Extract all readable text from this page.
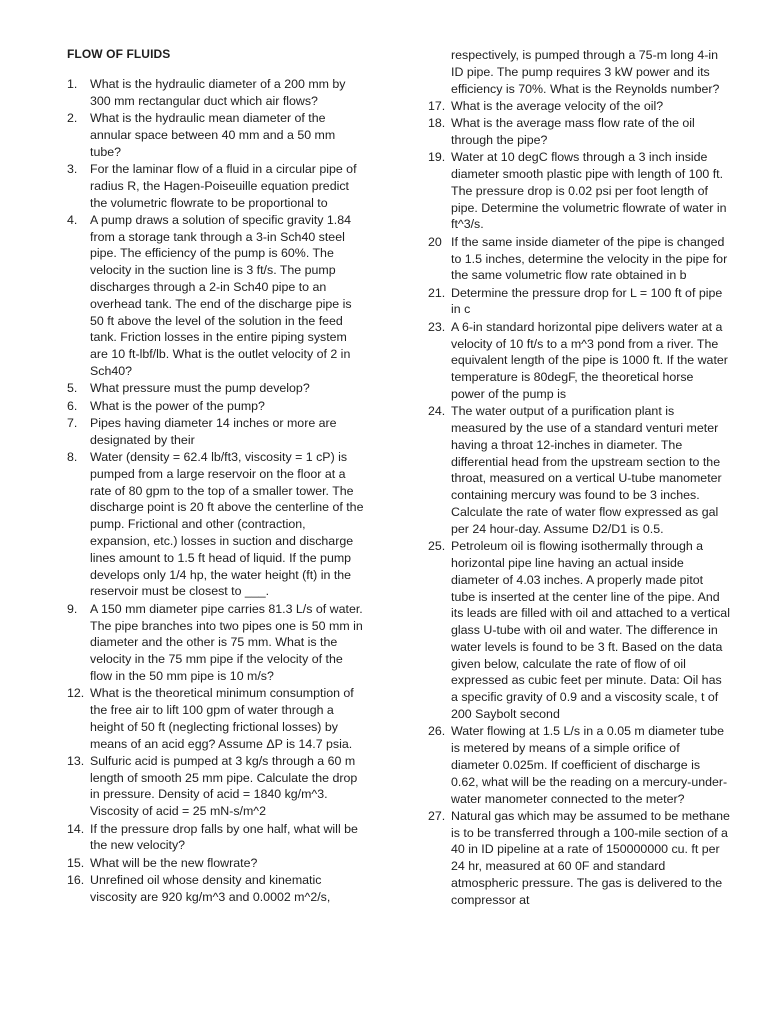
FLOW OF FLUIDS
1.	What is the hydraulic diameter of a 200 mm by 300 mm rectangular duct which air flows?
2.	What is the hydraulic mean diameter of the annular space between 40 mm and a 50 mm tube?
3.	For the laminar flow of a fluid in a circular pipe of radius R, the Hagen-Poiseuille equation predict the volumetric flowrate to be proportional to
4.	A pump draws a solution of specific gravity 1.84 from a storage tank through a 3-in Sch40 steel pipe. The efficiency of the pump is 60%. The velocity in the suction line is 3 ft/s. The pump discharges through a 2-in Sch40 pipe to an overhead tank. The end of the discharge pipe is 50 ft above the level of the solution in the feed tank. Friction losses in the entire piping system are 10 ft-lbf/lb. What is the outlet velocity of 2 in Sch40?
5.	What pressure must the pump develop?
6.	What is the power of the pump?
7.	Pipes having diameter 14 inches or more are designated by their
8.	Water (density = 62.4 lb/ft3, viscosity = 1 cP) is pumped from a large reservoir on the floor at a rate of 80 gpm to the top of a smaller tower. The discharge point is 20 ft above the centerline of the pump. Frictional and other (contraction, expansion, etc.) losses in suction and discharge lines amount to 1.5 ft head of liquid. If the pump develops only 1/4 hp, the water height (ft) in the reservoir must be closest to ___.
9.	A 150 mm diameter pipe carries 81.3 L/s of water. The pipe branches into two pipes one is 50 mm in diameter and the other is 75 mm. What is the velocity in the 75 mm pipe if the velocity of the flow in the 50 mm pipe is 10 m/s?
12. What is the theoretical minimum consumption of the free air to lift 100 gpm of water through a height of 50 ft (neglecting frictional losses) by means of an acid egg? Assume ΔP is 14.7 psia.
13. Sulfuric acid is pumped at 3 kg/s through a 60 m length of smooth 25 mm pipe. Calculate the drop in pressure. Density of acid = 1840 kg/m^3. Viscosity of acid = 25 mN-s/m^2
14. If the pressure drop falls by one half, what will be the new velocity?
15. What will be the new flowrate?
16. Unrefined oil whose density and kinematic viscosity are 920 kg/m^3 and 0.0002 m^2/s,
respectively, is pumped through a 75-m long 4-in ID pipe. The pump requires 3 kW power and its efficiency is 70%. What is the Reynolds number?
17. What is the average velocity of the oil?
18. What is the average mass flow rate of the oil through the pipe?
19. Water at 10 degC flows through a 3 inch inside diameter smooth plastic pipe with length of 100 ft. The pressure drop is 0.02 psi per foot length of pipe. Determine the volumetric flowrate of water in ft^3/s.
20 If the same inside diameter of the pipe is changed to 1.5 inches, determine the velocity in the pipe for the same volumetric flow rate obtained in b
21. Determine the pressure drop for L = 100 ft of pipe in c
23. A 6-in standard horizontal pipe delivers water at a velocity of 10 ft/s to a m^3 pond from a river. The equivalent length of the pipe is 1000 ft. If the water temperature is 80degF, the theoretical horse power of the pump is
24. The water output of a purification plant is measured by the use of a standard venturi meter having a throat 12-inches in diameter. The differential head from the upstream section to the throat, measured on a vertical U-tube manometer containing mercury was found to be 3 inches. Calculate the rate of water flow expressed as gal per 24 hour-day. Assume D2/D1 is 0.5.
25. Petroleum oil is flowing isothermally through a horizontal pipe line having an actual inside diameter of 4.03 inches. A properly made pitot tube is inserted at the center line of the pipe. And its leads are filled with oil and attached to a vertical glass U-tube with oil and water. The difference in water levels is found to be 3 ft. Based on the data given below, calculate the rate of flow of oil expressed as cubic feet per minute. Data: Oil has a specific gravity of 0.9 and a viscosity scale, t of 200 Saybolt second
26. Water flowing at 1.5 L/s in a 0.05 m diameter tube is metered by means of a simple orifice of diameter 0.025m. If coefficient of discharge is 0.62, what will be the reading on a mercury-under-water manometer connected to the meter?
27. Natural gas which may be assumed to be methane is to be transferred through a 100-mile section of a 40 in ID pipeline at a rate of 150000000 cu. ft per 24 hr, measured at 60 0F and standard atmospheric pressure. The gas is delivered to the compressor at
